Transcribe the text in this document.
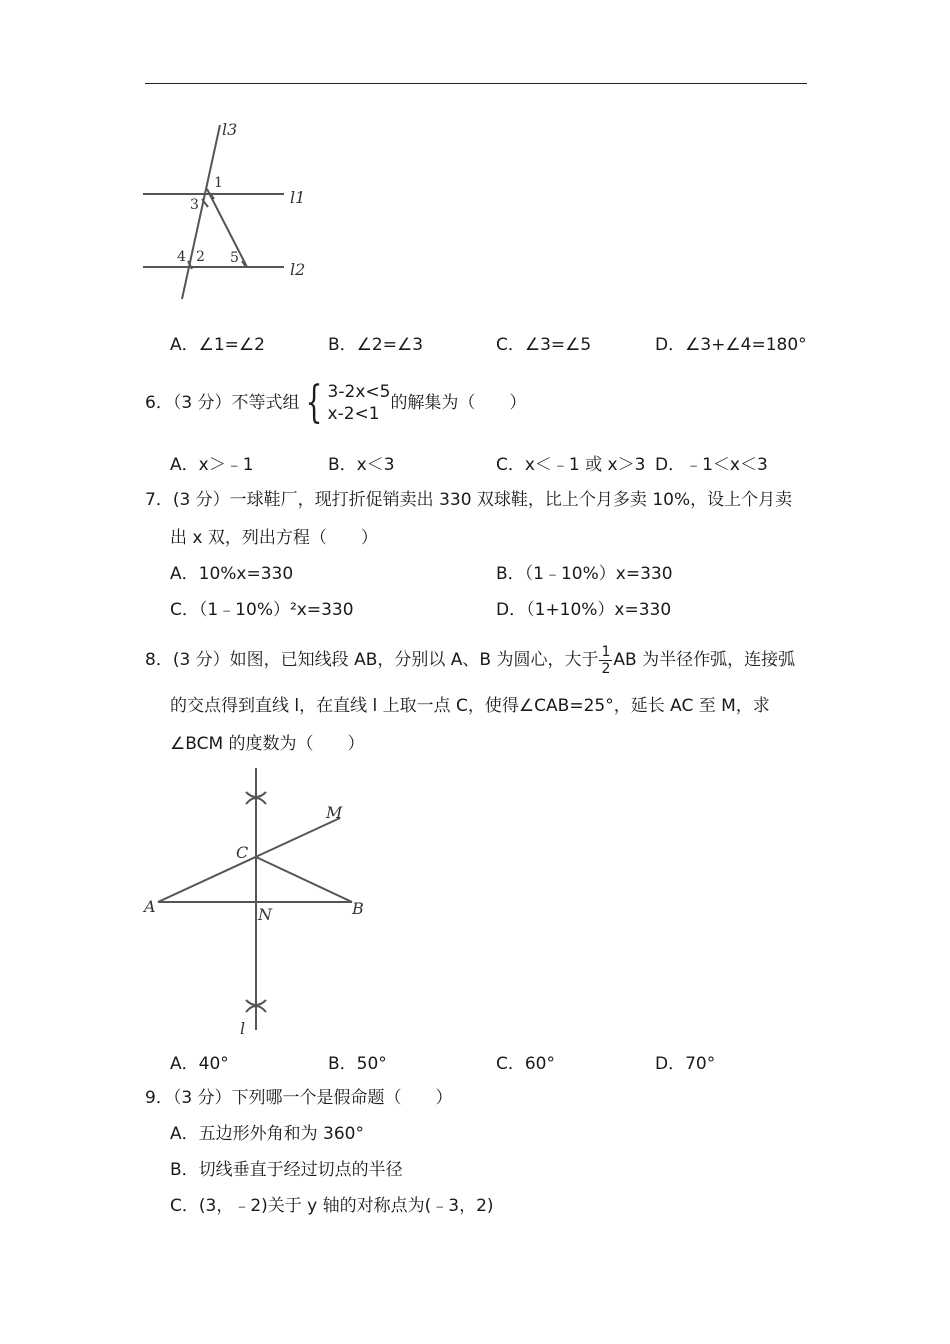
l3
l1
l2
1
3
4 2 5
A．∠1=∠2	B．∠2=∠3	C．∠3=∠5	D．∠3+∠4=180°
6．（3 分）不等式组 { 3-2x<5
x-2<1
的解集为（　　）
A．x＞﹣1	B．x＜3	C．x＜﹣1 或 x＞3 D．﹣1＜x＜3
7．(3 分）一球鞋厂，现打折促销卖出 330 双球鞋，比上个月多卖 10%，设上个月卖
出 x 双，列出方程（　　）
A．10%x=330	B．（1﹣10%）x=330
C．（1﹣10%）²x=330	D．（1+10%）x=330
8．(3 分）如图，已知线段 AB，分别以 A、B 为圆心，大于 $\frac{1}{2}$ AB 为半径作弧，连接弧
的交点得到直线 l，在直线 l 上取一点 C，使得∠CAB=25°，延长 AC 至 M，求
∠BCM 的度数为（　　）
A	B
C
M
N
l
A．40°	B．50°	C．60°	D．70°
9．（3 分）下列哪一个是假命题（　　）
A．五边形外角和为 360°
B．切线垂直于经过切点的半径
C．(3，﹣2)关于 y 轴的对称点为(﹣3，2)
